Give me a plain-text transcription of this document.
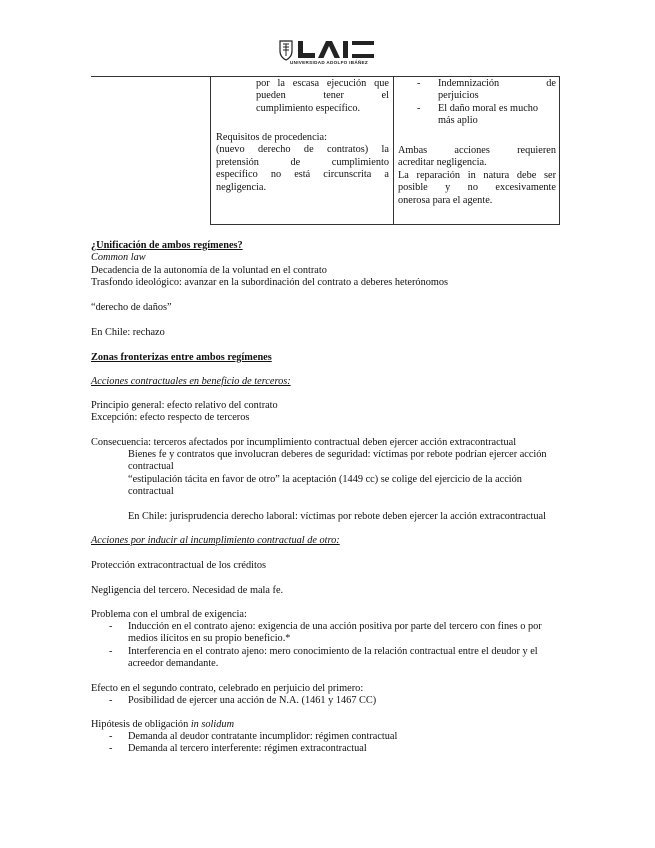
UAI
UNIVERSIDAD ADOLFO IBÁÑEZ
por la escasa ejecución que
pueden tener el
cumplimiento específico.
Requisitos de procedencia:
(nuevo derecho de contratos) la
pretensión de cumplimiento
específico no está circunscrita a
negligencia.
- Indemnización de
perjuicios
- El daño moral es mucho
más aplio
Ambas acciones requieren
acreditar negligencia.
La reparación in natura debe ser
posible y no excesivamente
onerosa para el agente.
¿Unificación de ambos regímenes?
Common law
Decadencia de la autonomía de la voluntad en el contrato
Trasfondo ideológico: avanzar en la subordinación del contrato a deberes heterónomos
“derecho de daños”
En Chile: rechazo
Zonas fronterizas entre ambos regímenes
Acciones contractuales en beneficio de terceros:
Principio general: efecto relativo del contrato
Excepción: efecto respecto de terceros
Consecuencia: terceros afectados por incumplimiento contractual deben ejercer acción extracontractual
Bienes fe y contratos que involucran deberes de seguridad: víctimas por rebote podrían ejercer acción
contractual
“estipulación tácita en favor de otro” la aceptación (1449 cc) se colige del ejercicio de la acción
contractual
En Chile: jurisprudencia derecho laboral: víctimas por rebote deben ejercer la acción extracontractual
Acciones por inducir al incumplimiento contractual de otro:
Protección extracontractual de los créditos
Negligencia del tercero. Necesidad de mala fe.
Problema con el umbral de exigencia:
- Inducción en el contrato ajeno: exigencia de una acción positiva por parte del tercero con fines o por
medios ilícitos en su propio beneficio.*
- Interferencia en el contrato ajeno: mero conocimiento de la relación contractual entre el deudor y el
acreedor demandante.
Efecto en el segundo contrato, celebrado en perjuicio del primero:
- Posibilidad de ejercer una acción de N.A. (1461 y 1467 CC)
Hipótesis de obligación in solidum
- Demanda al deudor contratante incumplidor: régimen contractual
- Demanda al tercero interferente: régimen extracontractual
